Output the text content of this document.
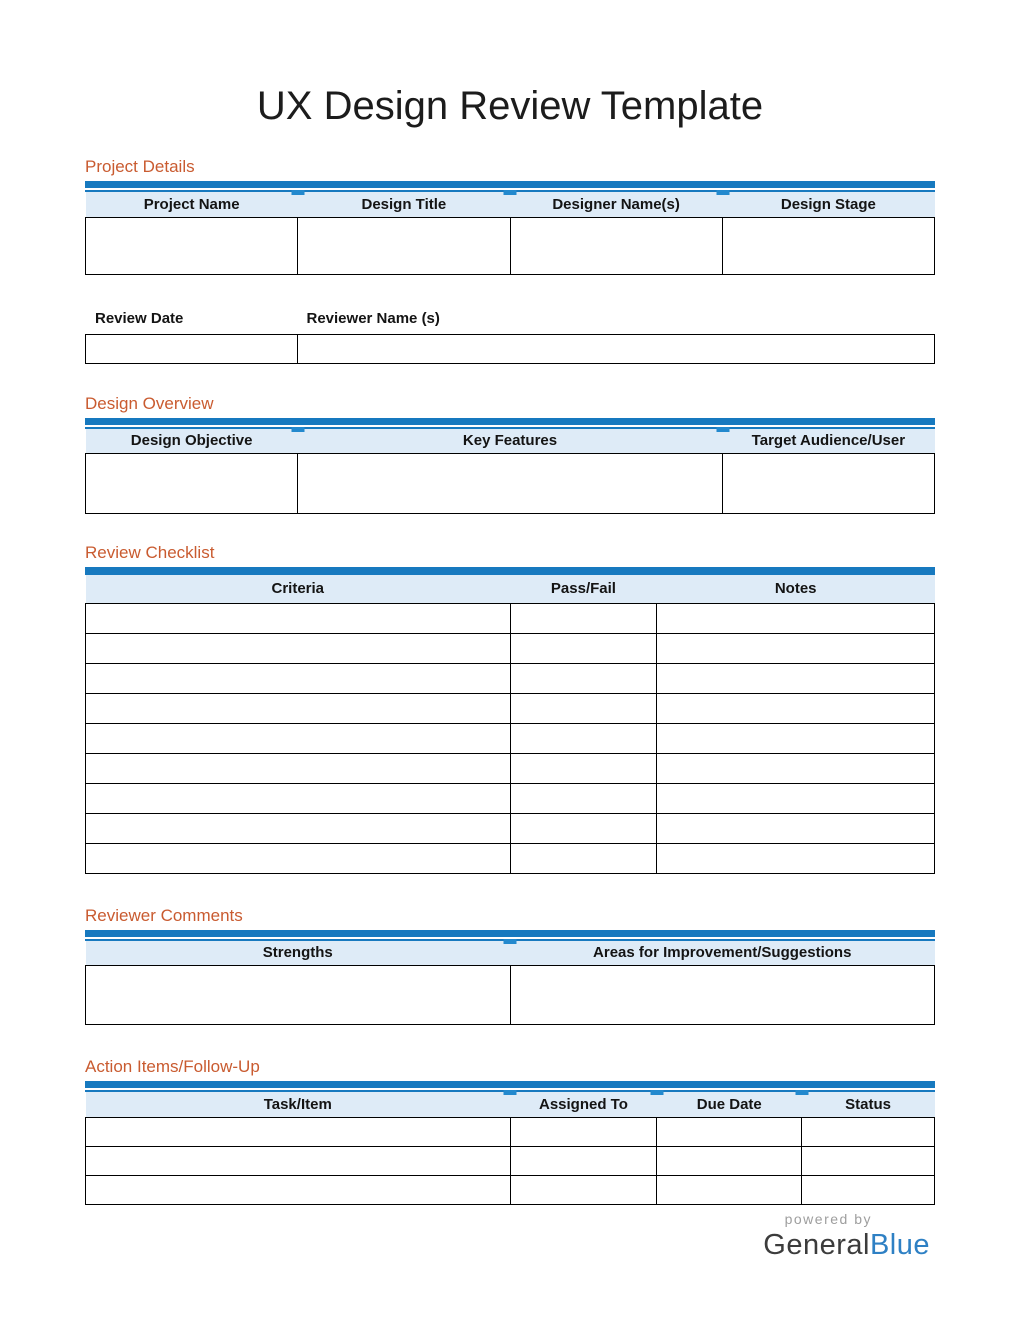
UX Design Review Template
Project Details
Project Name	Design Title	Designer Name(s)	Design Stage

Review Date	Reviewer Name (s)

Design Overview
Design Objective	Key Features	Target Audience/User

Review Checklist
Criteria	Pass/Fail	Notes

Reviewer Comments
Strengths	Areas for Improvement/Suggestions

Action Items/Follow-Up
Task/Item	Assigned To	Due Date	Status

powered by
GeneralBlue
